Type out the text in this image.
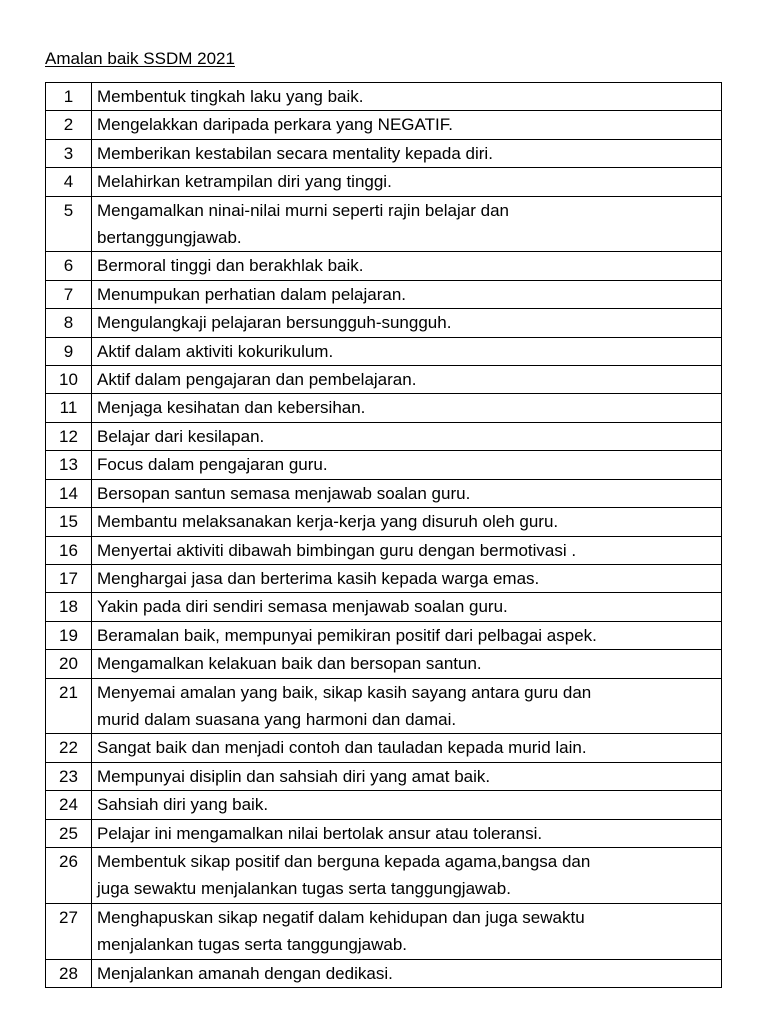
Amalan baik SSDM 2021
1	Membentuk tingkah laku yang baik.
2	Mengelakkan daripada perkara yang NEGATIF.
3	Memberikan kestabilan secara mentality kepada diri.
4	Melahirkan ketrampilan diri yang tinggi.
5	Mengamalkan ninai-nilai murni seperti rajin belajar dan
bertanggungjawab.
6	Bermoral tinggi dan berakhlak baik.
7	Menumpukan perhatian dalam pelajaran.
8	Mengulangkaji pelajaran bersungguh-sungguh.
9	Aktif dalam aktiviti kokurikulum.
10	Aktif dalam pengajaran dan pembelajaran.
11	Menjaga kesihatan dan kebersihan.
12	Belajar dari kesilapan.
13	Focus dalam pengajaran guru.
14	Bersopan santun semasa menjawab soalan guru.
15	Membantu melaksanakan kerja-kerja yang disuruh oleh guru.
16	Menyertai aktiviti dibawah bimbingan guru dengan bermotivasi .
17	Menghargai jasa dan berterima kasih kepada warga emas.
18	Yakin pada diri sendiri semasa menjawab soalan guru.
19	Beramalan baik, mempunyai pemikiran positif dari pelbagai aspek.
20	Mengamalkan kelakuan baik dan bersopan santun.
21	Menyemai amalan yang baik, sikap kasih sayang antara guru dan
murid dalam suasana yang harmoni dan damai.
22	Sangat baik dan menjadi contoh dan tauladan kepada murid lain.
23	Mempunyai disiplin dan sahsiah diri yang amat baik.
24	Sahsiah diri yang baik.
25	Pelajar ini mengamalkan nilai bertolak ansur atau toleransi.
26	Membentuk sikap positif dan berguna kepada agama,bangsa dan
juga sewaktu menjalankan tugas serta tanggungjawab.
27	Menghapuskan sikap negatif dalam kehidupan dan juga sewaktu
menjalankan tugas serta tanggungjawab.
28	Menjalankan amanah dengan dedikasi.
